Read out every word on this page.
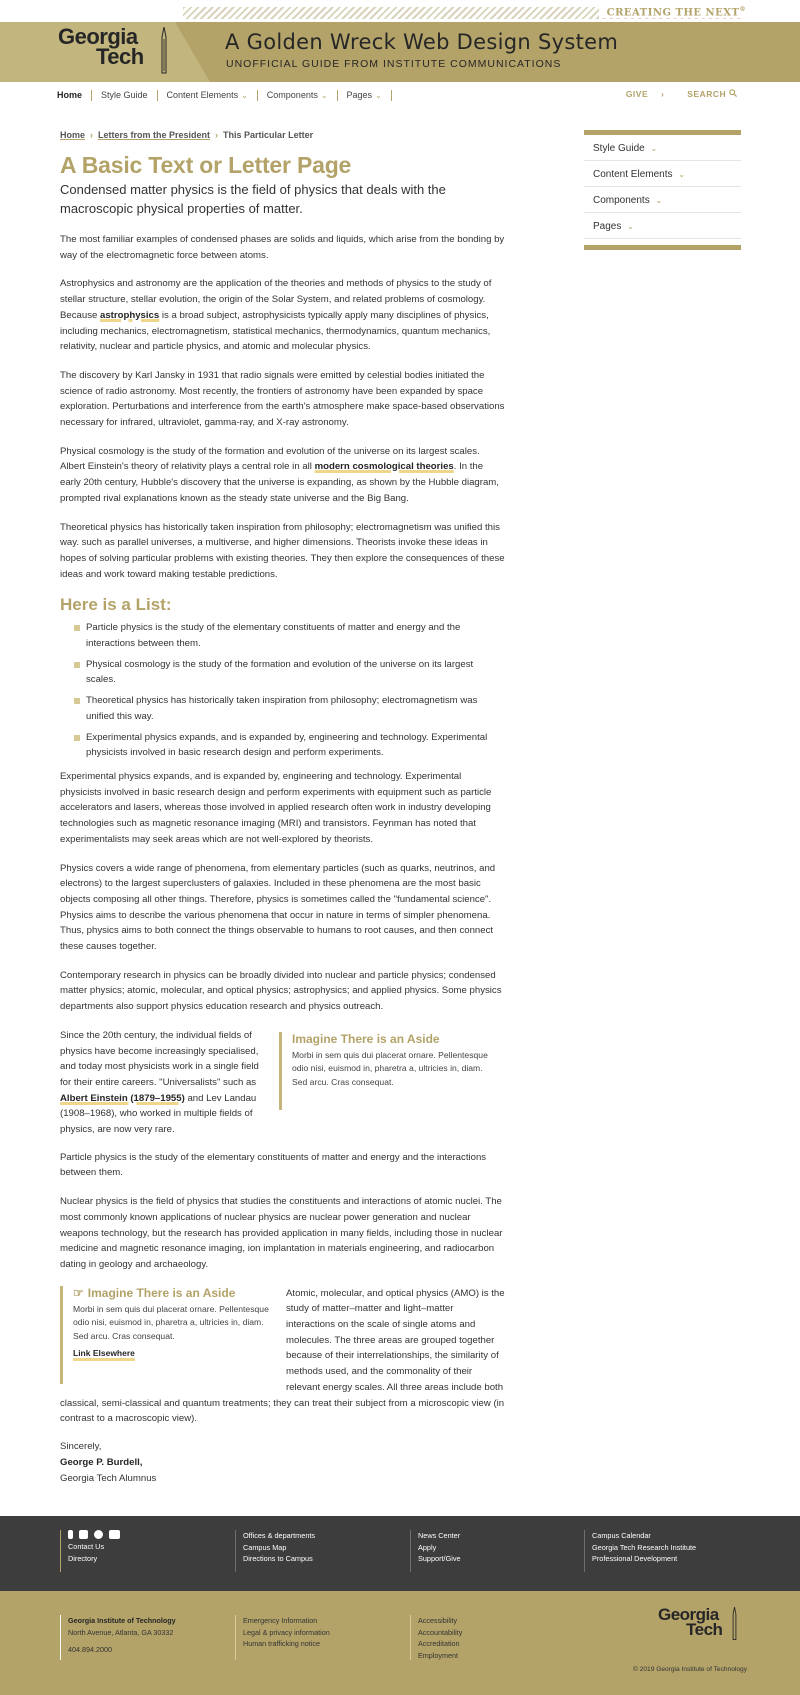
CREATING THE NEXT®
Georgia
Tech
A Golden Wreck Web Design System
UNOFFICIAL GUIDE FROM INSTITUTE COMMUNICATIONS
Home	Style Guide	Content Elements ⌄	Components ⌄	Pages ⌄	GIVE ›	SEARCH
Home › Letters from the President › This Particular Letter
A Basic Text or Letter Page

Condensed matter physics is the field of physics that deals with the macroscopic physical properties of matter.

The most familiar examples of condensed phases are solids and liquids, which arise from the bonding by way of the electromagnetic force between atoms.

Astrophysics and astronomy are the application of the theories and methods of physics to the study of stellar structure, stellar evolution, the origin of the Solar System, and related problems of cosmology. Because astrophysics is a broad subject, astrophysicists typically apply many disciplines of physics, including mechanics, electromagnetism, statistical mechanics, thermodynamics, quantum mechanics, relativity, nuclear and particle physics, and atomic and molecular physics.

The discovery by Karl Jansky in 1931 that radio signals were emitted by celestial bodies initiated the science of radio astronomy. Most recently, the frontiers of astronomy have been expanded by space exploration. Perturbations and interference from the earth's atmosphere make space-based observations necessary for infrared, ultraviolet, gamma-ray, and X-ray astronomy.

Physical cosmology is the study of the formation and evolution of the universe on its largest scales. Albert Einstein's theory of relativity plays a central role in all modern cosmological theories. In the early 20th century, Hubble's discovery that the universe is expanding, as shown by the Hubble diagram, prompted rival explanations known as the steady state universe and the Big Bang.

Theoretical physics has historically taken inspiration from philosophy; electromagnetism was unified this way. such as parallel universes, a multiverse, and higher dimensions. Theorists invoke these ideas in hopes of solving particular problems with existing theories. They then explore the consequences of these ideas and work toward making testable predictions.

Here is a List:
Particle physics is the study of the elementary constituents of matter and energy and the interactions between them.
Physical cosmology is the study of the formation and evolution of the universe on its largest scales.
Theoretical physics has historically taken inspiration from philosophy; electromagnetism was unified this way.
Experimental physics expands, and is expanded by, engineering and technology. Experimental physicists involved in basic research design and perform experiments.

Experimental physics expands, and is expanded by, engineering and technology. Experimental physicists involved in basic research design and perform experiments with equipment such as particle accelerators and lasers, whereas those involved in applied research often work in industry developing technologies such as magnetic resonance imaging (MRI) and transistors. Feynman has noted that experimentalists may seek areas which are not well-explored by theorists.

Physics covers a wide range of phenomena, from elementary particles (such as quarks, neutrinos, and electrons) to the largest superclusters of galaxies. Included in these phenomena are the most basic objects composing all other things. Therefore, physics is sometimes called the "fundamental science". Physics aims to describe the various phenomena that occur in nature in terms of simpler phenomena. Thus, physics aims to both connect the things observable to humans to root causes, and then connect these causes together.

Contemporary research in physics can be broadly divided into nuclear and particle physics; condensed matter physics; atomic, molecular, and optical physics; astrophysics; and applied physics. Some physics departments also support physics education research and physics outreach.

Since the 20th century, the individual fields of physics have become increasingly specialised, and today most physicists work in a single field for their entire careers. "Universalists" such as Albert Einstein (1879–1955) and Lev Landau (1908–1968), who worked in multiple fields of physics, are now very rare.
Imagine There is an Aside
Morbi in sem quis dui placerat ornare. Pellentesque odio nisi, euismod in, pharetra a, ultricies in, diam. Sed arcu. Cras consequat.

Particle physics is the study of the elementary constituents of matter and energy and the interactions between them.

Nuclear physics is the field of physics that studies the constituents and interactions of atomic nuclei. The most commonly known applications of nuclear physics are nuclear power generation and nuclear weapons technology, but the research has provided application in many fields, including those in nuclear medicine and magnetic resonance imaging, ion implantation in materials engineering, and radiocarbon dating in geology and archaeology.

☞ Imagine There is an Aside
Morbi in sem quis dui placerat ornare. Pellentesque odio nisi, euismod in, pharetra a, ultricies in, diam. Sed arcu. Cras consequat.
Link Elsewhere
Atomic, molecular, and optical physics (AMO) is the study of matter–matter and light–matter interactions on the scale of single atoms and molecules. The three areas are grouped together because of their interrelationships, the similarity of methods used, and the commonality of their relevant energy scales. All three areas include both classical, semi-classical and quantum treatments; they can treat their subject from a microscopic view (in contrast to a macroscopic view).
Sincerely,
George P. Burdell,
Georgia Tech Alumnus
Style Guide ⌄
Content Elements ⌄
Components ⌄
Pages ⌄
Contact Us
Directory
Offices & departments
Campus Map
Directions to Campus
News Center
Apply
Support/Give
Campus Calendar
Georgia Tech Research Institute
Professional Development
Georgia Institute of Technology
North Avenue, Atlanta, GA 30332
404.894.2000
Emergency Information
Legal & privacy information
Human trafficking notice
Accessibility
Accountability
Accreditation
Employment
Georgia
Tech
© 2019 Georgia Institute of Technology
